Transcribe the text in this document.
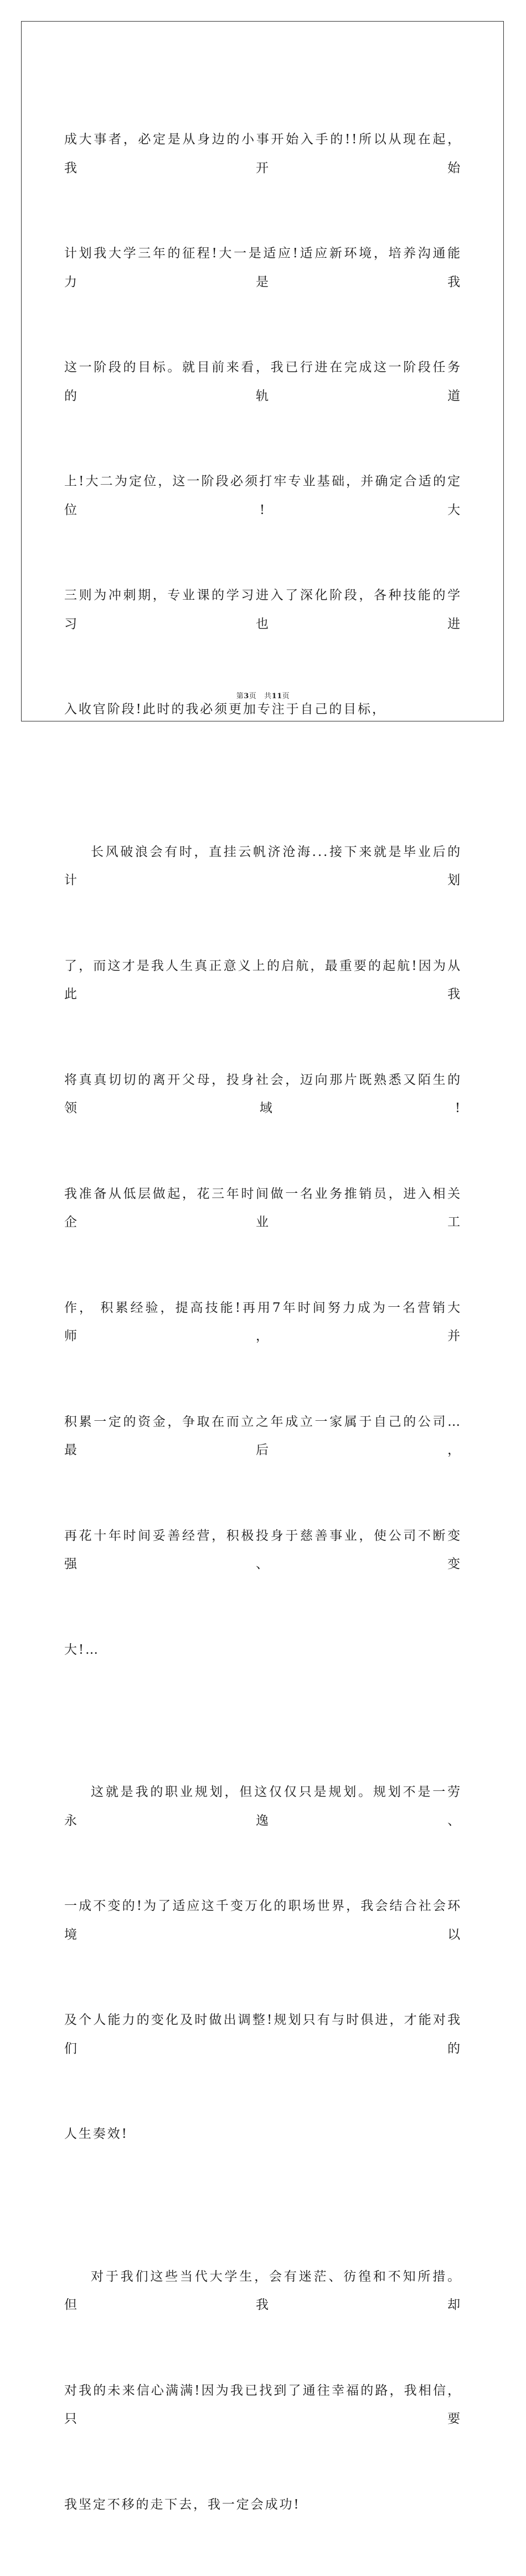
成大事者，必定是从身边的小事开始入手的!!所以从现在起，我开始

计划我大学三年的征程!大一是适应!适应新环境，培养沟通能力是我

这一阶段的目标。就目前来看，我已行进在完成这一阶段任务的轨道

上!大二为定位，这一阶段必须打牢专业基础，并确定合适的定位!大

三则为冲刺期，专业课的学习进入了深化阶段，各种技能的学习也进

入收官阶段!此时的我必须更加专注于自己的目标，

长风破浪会有时，直挂云帆济沧海...接下来就是毕业后的计划

了，而这才是我人生真正意义上的启航，最重要的起航!因为从此我

将真真切切的离开父母，投身社会，迈向那片既熟悉又陌生的领域!

我准备从低层做起，花三年时间做一名业务推销员，进入相关企业工

作， 积累经验，提高技能!再用7年时间努力成为一名营销大师，并

积累一定的资金，争取在而立之年成立一家属于自己的公司…最后，

再花十年时间妥善经营，积极投身于慈善事业，使公司不断变强、变

大!…

这就是我的职业规划，但这仅仅只是规划。规划不是一劳永逸、

一成不变的!为了适应这千变万化的职场世界，我会结合社会环境以

及个人能力的变化及时做出调整!规划只有与时俱进，才能对我们的

人生奏效!

对于我们这些当代大学生，会有迷茫、彷徨和不知所措。但我却

对我的未来信心满满!因为我已找到了通往幸福的路，我相信，只要

我坚定不移的走下去，我一定会成功!

第3页 共11页
